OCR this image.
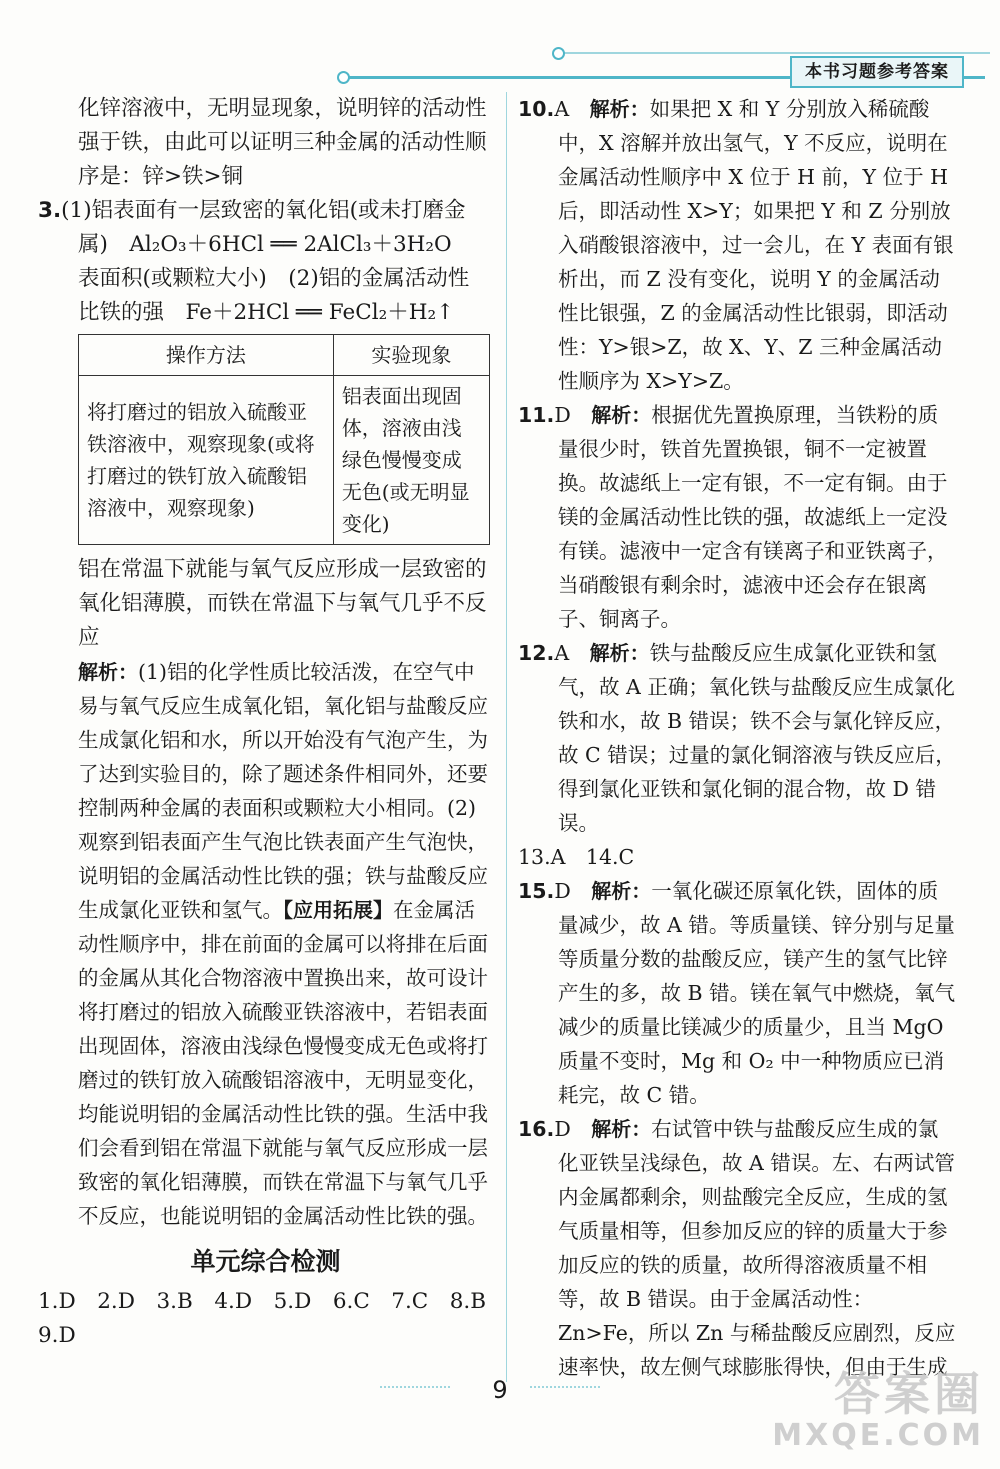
本书习题参考答案

化锌溶液中，无明显现象，说明锌的活动性

强于铁，由此可以证明三种金属的活动性顺

序是：锌>铁>铜

3.(1)铝表面有一层致密的氧化铝(或未打磨金

属)　Al₂O₃＋6HCl ══ 2AlCl₃＋3H₂O

表面积(或颗粒大小)　(2)铝的金属活动性

比铁的强　Fe＋2HCl ══ FeCl₂＋H₂↑

操作方法	实验现象
将打磨过的铝放入硫酸亚铁溶液中，观察现象(或将打磨过的铁钉放入硫酸铝溶液中，观察现象)	铝表面出现固体，溶液由浅绿色慢慢变成无色(或无明显变化)

铝在常温下就能与氧气反应形成一层致密的氧化铝薄膜，而铁在常温下与氧气几乎不反应

解析：(1)铝的化学性质比较活泼，在空气中易与氧气反应生成氧化铝，氧化铝与盐酸反应生成氯化铝和水，所以开始没有气泡产生，为了达到实验目的，除了题述条件相同外，还要控制两种金属的表面积或颗粒大小相同。(2)观察到铝表面产生气泡比铁表面产生气泡快，说明铝的金属活动性比铁的强；铁与盐酸反应生成氯化亚铁和氢气。【应用拓展】在金属活动性顺序中，排在前面的金属可以将排在后面的金属从其化合物溶液中置换出来，故可设计将打磨过的铝放入硫酸亚铁溶液中，若铝表面出现固体，溶液由浅绿色慢慢变成无色或将打磨过的铁钉放入硫酸铝溶液中，无明显变化，均能说明铝的金属活动性比铁的强。生活中我们会看到铝在常温下就能与氧气反应形成一层致密的氧化铝薄膜，而铁在常温下与氧气几乎不反应，也能说明铝的金属活动性比铁的强。

单元综合检测

1.D　2.D　3.B　4.D　5.D　6.C　7.C　8.B

9.D

10.A　 解析：如果把 X 和 Y 分别放入稀硫酸中，X 溶解并放出氢气，Y 不反应，说明在金属活动性顺序中 X 位于 H 前，Y 位于 H 后，即活动性 X>Y；如果把 Y 和 Z 分别放入硝酸银溶液中，过一会儿，在 Y 表面有银析出，而 Z 没有变化，说明 Y 的金属活动性比银强，Z 的金属活动性比银弱，即活动性：Y>银>Z，故 X、Y、Z 三种金属活动性顺序为 X>Y>Z。

11.D　 解析：根据优先置换原理，当铁粉的质量很少时，铁首先置换银，铜不一定被置换。故滤纸上一定有银，不一定有铜。由于镁的金属活动性比铁的强，故滤纸上一定没有镁。滤液中一定含有镁离子和亚铁离子，当硝酸银有剩余时，滤液中还会存在银离子、铜离子。

12.A　 解析：铁与盐酸反应生成氯化亚铁和氢气，故 A 正确；氧化铁与盐酸反应生成氯化铁和水，故 B 错误；铁不会与氯化锌反应，故 C 错误；过量的氯化铜溶液与铁反应后，得到氯化亚铁和氯化铜的混合物，故 D 错误。

13.A　14.C

15.D　 解析：一氧化碳还原氧化铁，固体的质量减少，故 A 错。等质量镁、锌分别与足量等质量分数的盐酸反应，镁产生的氢气比锌产生的多，故 B 错。镁在氧气中燃烧，氧气减少的质量比镁减少的质量少，且当 MgO 质量不变时，Mg 和 O₂ 中一种物质应已消耗完，故 C 错。

16.D　 解析：右试管中铁与盐酸反应生成的氯化亚铁呈浅绿色，故 A 错误。左、右两试管内金属都剩余，则盐酸完全反应，生成的氢气质量相等，但参加反应的锌的质量大于参加反应的铁的质量，故所得溶液质量不相等，故 B 错误。由于金属活动性：Zn>Fe，所以 Zn 与稀盐酸反应剧烈，反应速率快，故左侧气球膨胀得快，但由于生成

9	答案圈
MXQE.COM
